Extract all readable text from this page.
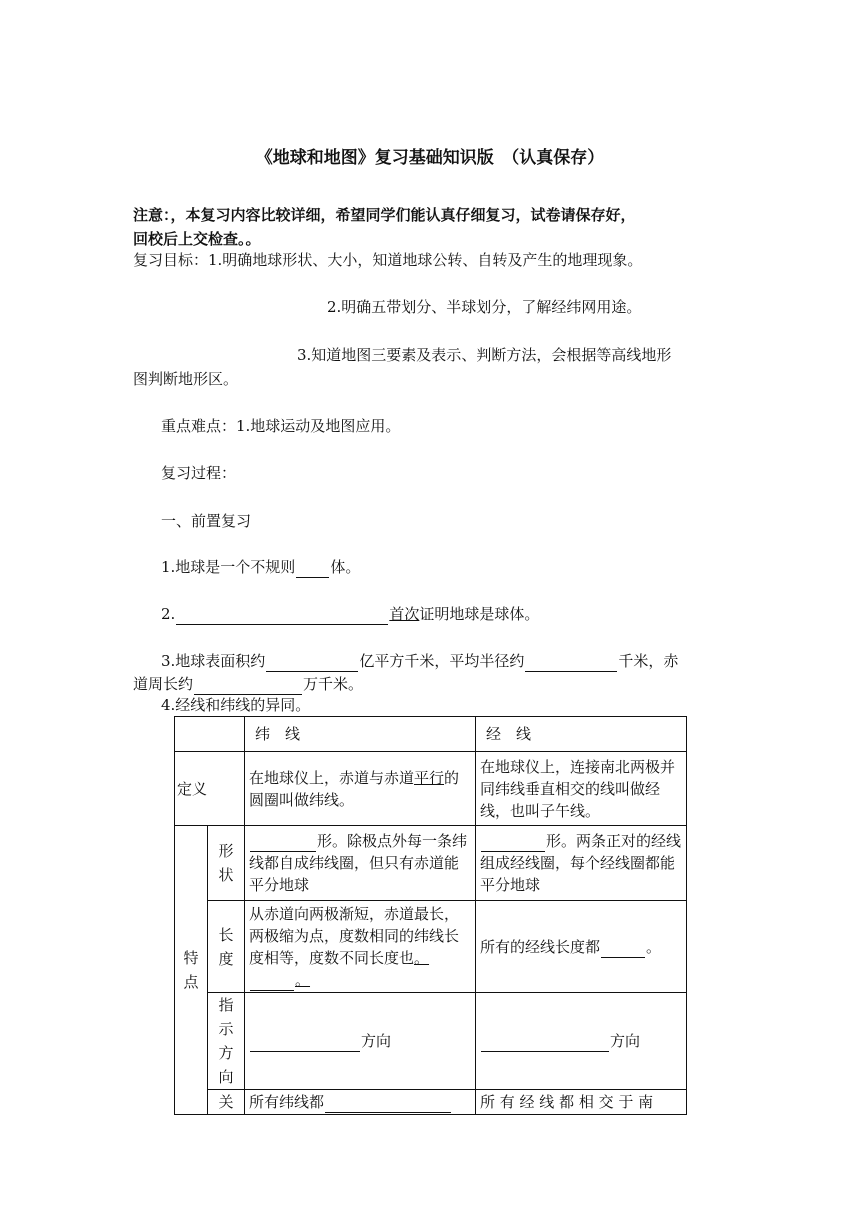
《地球和地图》复习基础知识版　（认真保存）
注意：，本复习内容比较详细，希望同学们能认真仔细复习，试卷请保存好，
回校后上交检查。。
复习目标：1.明确地球形状、大小，知道地球公转、自转及产生的地理现象。
2.明确五带划分、半球划分，了解经纬网用途。
3.知道地图三要素及表示、判断方法，会根据等高线地形
图判断地形区。
重点难点：1.地球运动及地图应用。
复习过程：
一、前置复习
1.地球是一个不规则 体。
2.	首次证明地球是球体。
3.地球表面积约	亿平方千米，平均半径约	千米，赤
道周长约	万千米。
4.经线和纬线的异同。
		纬　线	经　线
定义		在地球仪上，赤道与赤道平行的圆圈叫做纬线。	在地球仪上，连接南北两极并同纬线垂直相交的线叫做经线，也叫子午线。

特点	形状	形。除极点外每一条纬线都自成纬线圈，但只有赤道能平分地球	形。两条正对的经线组成经线圈，每个经线圈都能平分地球

	长度	从赤道向两极渐短，赤道最长，两极缩为点，度数相同的纬线长度相等，度数不同长度也。。	所有的经线长度都 。

	指示方向	方向	方向
	关	所有纬线都	所 有 经 线 都 相 交 于 南
